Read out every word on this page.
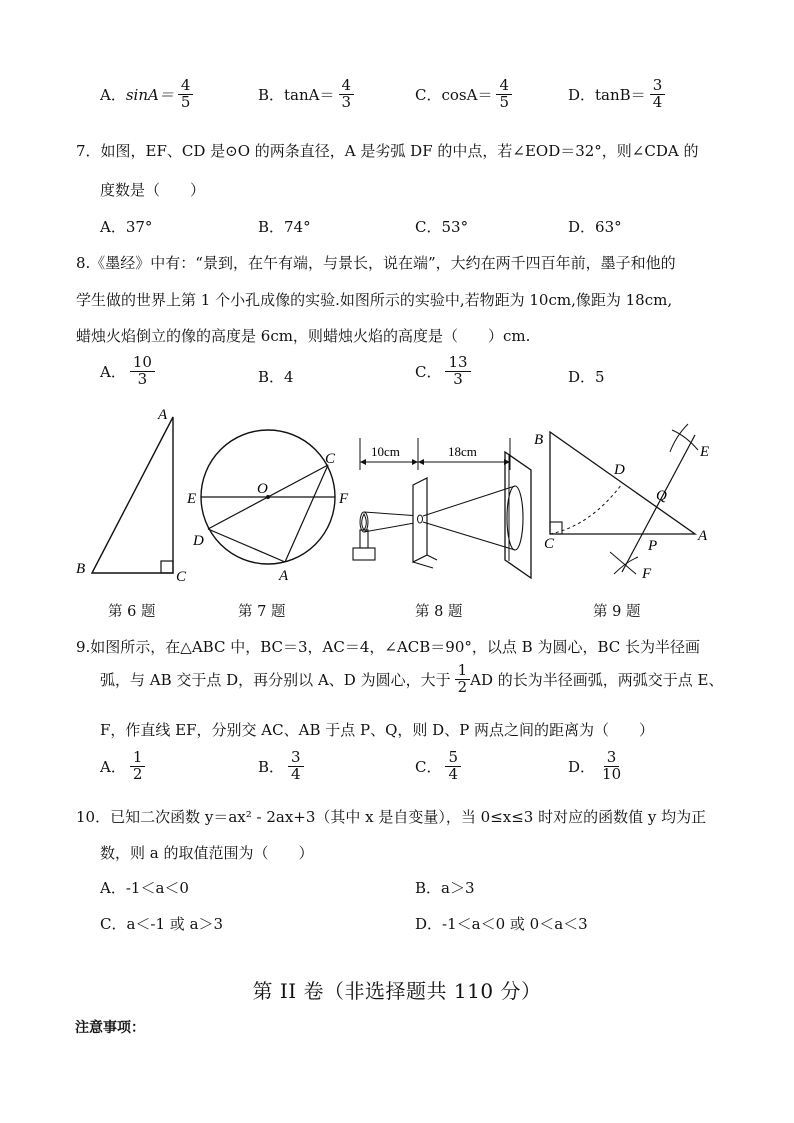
A． $\sin A= \frac{4}{5}$	B． $\tan A= \frac{4}{3}$	C． $\cos A= \frac{4}{5}$	D． $\tan B= \frac{3}{4}$
7．如图，EF、CD 是⊙O 的两条直径，A 是劣弧 DF 的中点，若∠EOD＝32°，则∠CDA 的
度数是（　　）
A．37°	B．74°	C．53°	D．63°
8.《墨经》中有：“景到，在午有端，与景长，说在端”，大约在两千四百年前，墨子和他的
学生做的世界上第 1 个小孔成像的实验.如图所示的实验中,若物距为 10cm,像距为 18cm,
蜡烛火焰倒立的像的高度是 6cm，则蜡烛火焰的高度是（　　）cm.
A． $\frac{10}{3}$	B．4	C． $\frac{13}{3}$	D．5
A
B	C
C
E
O
F
D
A
10cm	18cm
B
D
E
Q
A
C	P
F
第 6 题	第 7 题	第 8 题	第 9 题
9.如图所示，在△ABC 中，BC＝3，AC＝4，∠ACB＝90°，以点 B 为圆心，BC 长为半径画
弧，与 AB 交于点 D，再分别以 A、D 为圆心，大于 $\frac{1}{2}$ AD 的长为半径画弧，两弧交于点 E、
F，作直线 EF，分别交 AC、AB 于点 P、Q，则 D、P 两点之间的距离为（　　）
A． $\frac{1}{2}$	B． $\frac{3}{4}$	C． $\frac{5}{4}$	D． $\frac{3}{10}$
10．已知二次函数 y＝ax² ‐ 2ax+3（其中 x 是自变量），当 0≤x≤3 时对应的函数值 y 均为正
数，则 a 的取值范围为（　　）
A．‐1＜a＜0	B．a＞3
C．a＜‐1 或 a＞3	D．‐1＜a＜0 或 0＜a＜3
第 II 卷（非选择题共 110 分）
注意事项：
